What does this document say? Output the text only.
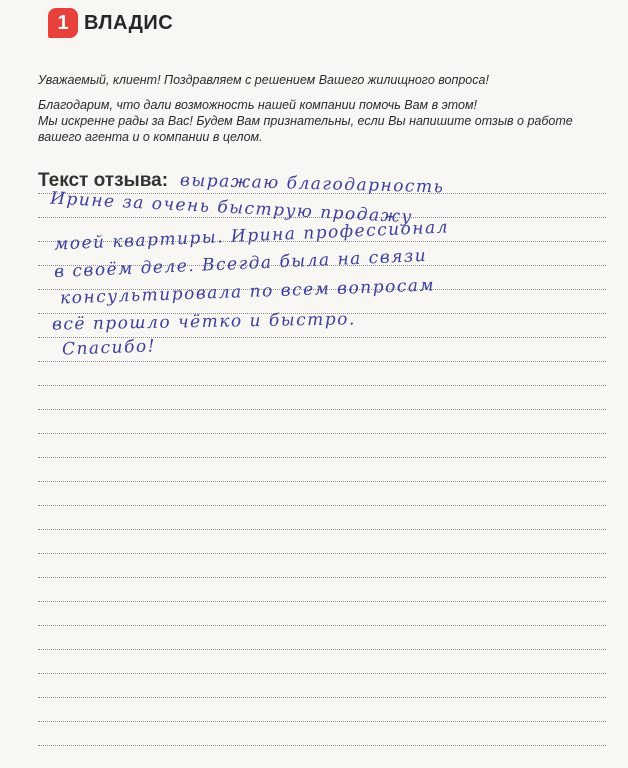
1 ВЛАДИС
Уважаемый, клиент! Поздравляем с решением Вашего жилищного вопроса!
Благодарим, что дали возможность нашей компании помочь Вам в этом!
Мы искренне рады за Вас! Будем Вам признательны, если Вы напишите отзыв о работе вашего агента и о компании в целом.
Текст отзыва: выражаю благодарность
Ирине за очень быструю продажу
моей квартиры. Ирина профессионал
в своём деле. Всегда была на связи
консультировала по всем вопросам
всё прошло чётко и быстро.
Спасибо!
